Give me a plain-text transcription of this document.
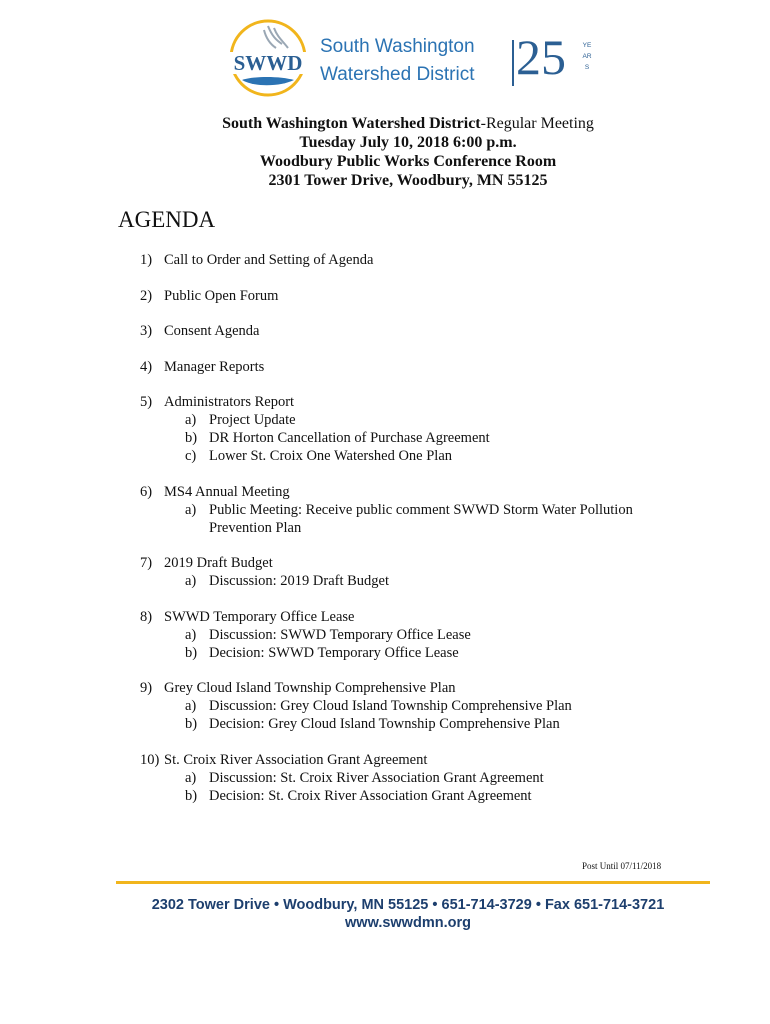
SWWD
South Washington
Watershed District 25	YEARS
South Washington Watershed District-Regular Meeting
Tuesday July 10, 2018 6:00 p.m.
Woodbury Public Works Conference Room
2301 Tower Drive, Woodbury, MN 55125
AGENDA
1) Call to Order and Setting of Agenda
2) Public Open Forum
3) Consent Agenda
4) Manager Reports
5) Administrators Report
a) Project Update
b) DR Horton Cancellation of Purchase Agreement
c) Lower St. Croix One Watershed One Plan
6) MS4 Annual Meeting
a) Public Meeting: Receive public comment SWWD Storm Water Pollution Prevention Plan
7) 2019 Draft Budget
a) Discussion: 2019 Draft Budget
8) SWWD Temporary Office Lease
a) Discussion: SWWD Temporary Office Lease
b) Decision: SWWD Temporary Office Lease
9) Grey Cloud Island Township Comprehensive Plan
a) Discussion: Grey Cloud Island Township Comprehensive Plan
b) Decision: Grey Cloud Island Township Comprehensive Plan
10) St. Croix River Association Grant Agreement
a) Discussion: St. Croix River Association Grant Agreement
b) Decision: St. Croix River Association Grant Agreement
Post Until 07/11/2018
2302 Tower Drive • Woodbury, MN 55125 • 651-714-3729 • Fax 651-714-3721
www.swwdmn.org
